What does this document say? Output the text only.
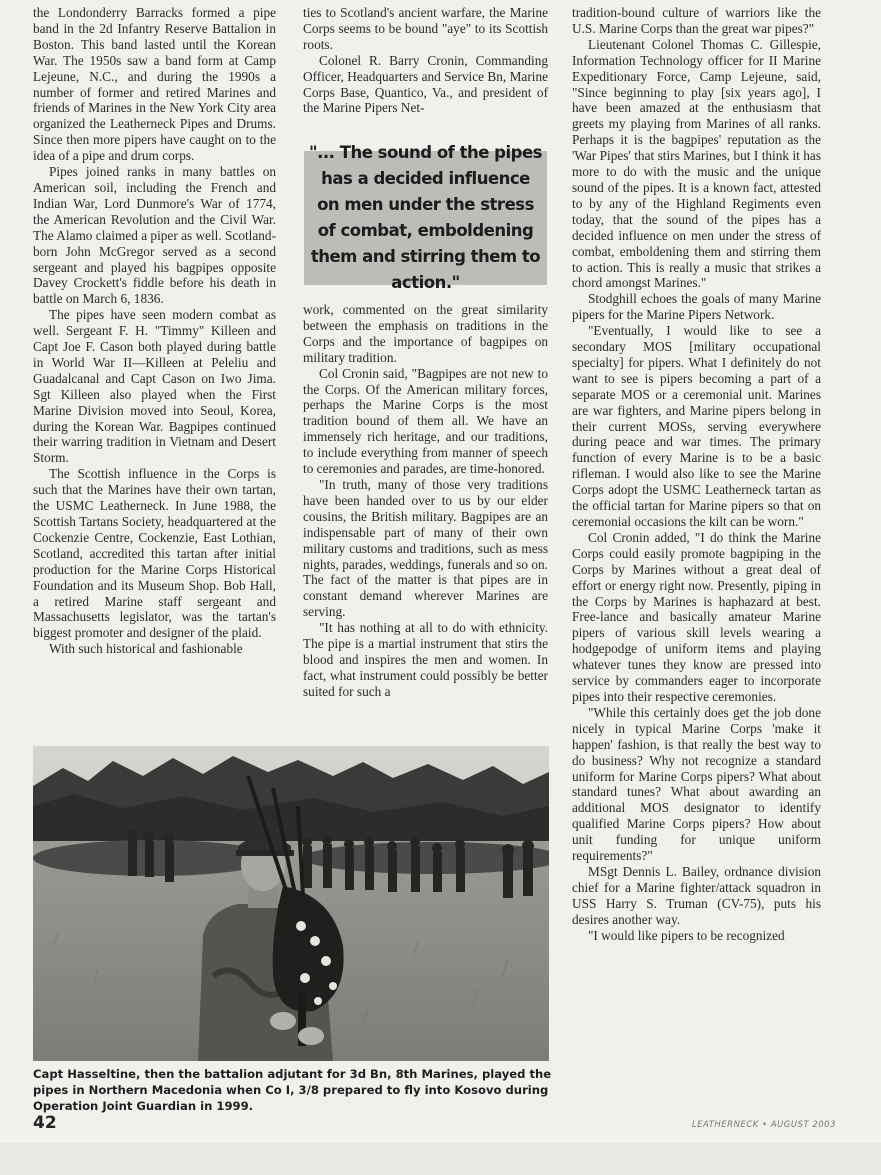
the Londonderry Barracks formed a pipe band in the 2d Infantry Reserve Battalion in Boston. This band lasted until the Korean War. The 1950s saw a band form at Camp Lejeune, N.C., and during the 1990s a number of former and retired Marines and friends of Marines in the New York City area organized the Leatherneck Pipes and Drums. Since then more pipers have caught on to the idea of a pipe and drum corps.

Pipes joined ranks in many battles on American soil, including the French and Indian War, Lord Dunmore's War of 1774, the American Revolution and the Civil War. The Alamo claimed a piper as well. Scotland-born John McGregor served as a second sergeant and played his bagpipes opposite Davey Crockett's fiddle before his death in battle on March 6, 1836.

The pipes have seen modern combat as well. Sergeant F. H. "Timmy" Killeen and Capt Joe F. Cason both played during battle in World War II—Killeen at Peleliu and Guadalcanal and Capt Cason on Iwo Jima. Sgt Killeen also played when the First Marine Division moved into Seoul, Korea, during the Korean War. Bagpipes continued their warring tradition in Vietnam and Desert Storm.

The Scottish influence in the Corps is such that the Marines have their own tartan, the USMC Leatherneck. In June 1988, the Scottish Tartans Society, headquartered at the Cockenzie Centre, Cockenzie, East Lothian, Scotland, accredited this tartan after initial production for the Marine Corps Historical Foundation and its Museum Shop. Bob Hall, a retired Marine staff sergeant and Massachusetts legislator, was the tartan's biggest promoter and designer of the plaid.

With such historical and fashionable

ties to Scotland's ancient warfare, the Marine Corps seems to be bound "aye" to its Scottish roots.

Colonel R. Barry Cronin, Commanding Officer, Headquarters and Service Bn, Marine Corps Base, Quantico, Va., and president of the Marine Pipers Net-

"... The sound of the pipes has a decided influence on men under the stress of combat, emboldening them and stirring them to action."

work, commented on the great similarity between the emphasis on traditions in the Corps and the importance of bagpipes on military tradition.

Col Cronin said, "Bagpipes are not new to the Corps. Of the American military forces, perhaps the Marine Corps is the most tradition bound of them all. We have an immensely rich heritage, and our traditions, to include everything from manner of speech to ceremonies and parades, are time-honored.

"In truth, many of those very traditions have been handed over to us by our elder cousins, the British military. Bagpipes are an indispensable part of many of their own military customs and traditions, such as mess nights, parades, weddings, funerals and so on. The fact of the matter is that pipes are in constant demand wherever Marines are serving.

"It has nothing at all to do with ethnicity. The pipe is a martial instrument that stirs the blood and inspires the men and women. In fact, what instrument could possibly be better suited for such a

tradition-bound culture of warriors like the U.S. Marine Corps than the great war pipes?"

Lieutenant Colonel Thomas C. Gillespie, Information Technology officer for II Marine Expeditionary Force, Camp Lejeune, said, "Since beginning to play [six years ago], I have been amazed at the enthusiasm that greets my playing from Marines of all ranks. Perhaps it is the bagpipes' reputation as the 'War Pipes' that stirs Marines, but I think it has more to do with the music and the unique sound of the pipes. It is a known fact, attested to by any of the Highland Regiments even today, that the sound of the pipes has a decided influence on men under the stress of combat, emboldening them and stirring them to action. This is really a music that strikes a chord amongst Marines."

Stodghill echoes the goals of many Marine pipers for the Marine Pipers Network.

"Eventually, I would like to see a secondary MOS [military occupational specialty] for pipers. What I definitely do not want to see is pipers becoming a part of a separate MOS or a ceremonial unit. Marines are war fighters, and Marine pipers belong in their current MOSs, serving everywhere during peace and war times. The primary function of every Marine is to be a basic rifleman. I would also like to see the Marine Corps adopt the USMC Leatherneck tartan as the official tartan for Marine pipers so that on ceremonial occasions the kilt can be worn."

Col Cronin added, "I do think the Marine Corps could easily promote bagpiping in the Corps by Marines without a great deal of effort or energy right now. Presently, piping in the Corps by Marines is haphazard at best. Free-lance and basically amateur Marine pipers of various skill levels wearing a hodgepodge of uniform items and playing whatever tunes they know are pressed into service by commanders eager to incorporate pipes into their respective ceremonies.

"While this certainly does get the job done nicely in typical Marine Corps 'make it happen' fashion, is that really the best way to do business? Why not recognize a standard uniform for Marine Corps pipers? What about standard tunes? What about awarding an additional MOS designator to identify qualified Marine Corps pipers? How about unit funding for unique uniform requirements?"

MSgt Dennis L. Bailey, ordnance division chief for a Marine fighter/attack squadron in USS Harry S. Truman (CV-75), puts his desires another way.

"I would like pipers to be recognized

Capt Hasseltine, then the battalion adjutant for 3d Bn, 8th Marines, played the pipes in Northern Macedonia when Co I, 3/8 prepared to fly into Kosovo during Operation Joint Guardian in 1999.

42	LEATHERNECK • AUGUST 2003
